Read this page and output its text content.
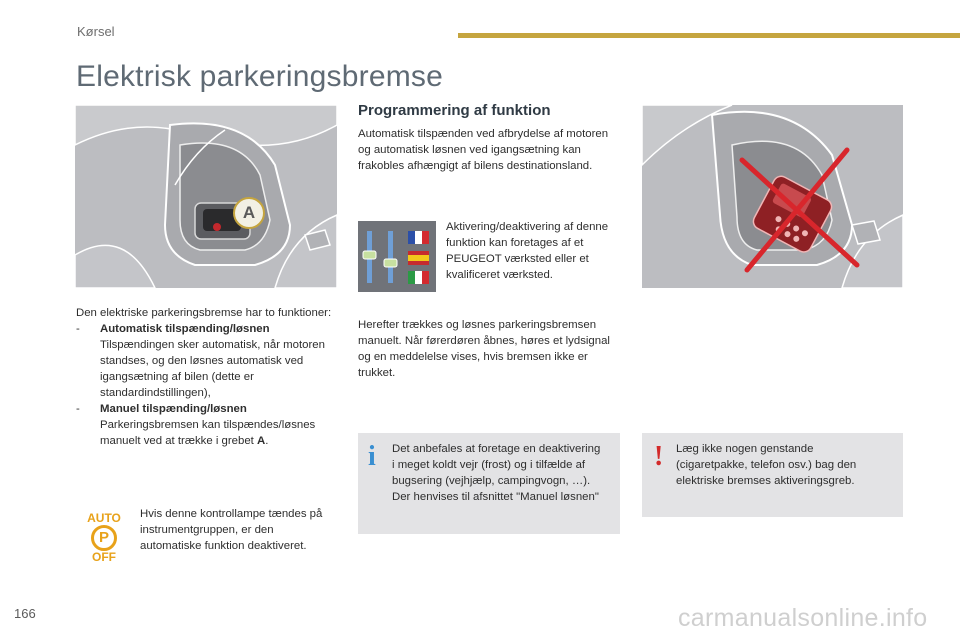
Kørsel
Elektrisk parkeringsbremse
A

Den elektriske parkeringsbremse har to funktioner:

- Automatisk tilspænding/løsnen
Tilspændingen sker automatisk, når motoren standses, og den løsnes automatisk ved igangsætning af bilen (dette er standardindstillingen),
- Manuel tilspænding/løsnen
Parkeringsbremsen kan tilspændes/løsnes manuelt ved at trække i grebet A.
AUTO
P
OFF
Hvis denne kontrollampe tændes på instrumentgruppen, er den automatiske funktion deaktiveret.
Programmering af funktion
Automatisk tilspænden ved afbrydelse af motoren og automatisk løsnen ved igangsætning kan frakobles afhængigt af bilens destinationsland.
Aktivering/deaktivering af denne funktion kan foretages af et PEUGEOT værksted eller et kvalificeret værksted.
Herefter trækkes og løsnes parkeringsbremsen manuelt. Når førerdøren åbnes, høres et lydsignal og en meddelelse vises, hvis bremsen ikke er trukket.
i Det anbefales at foretage en deaktivering i meget koldt vejr (frost) og i tilfælde af bugsering (vejhjælp, campingvogn, …). Der henvises til afsnittet "Manuel løsnen"
! Læg ikke nogen genstande (cigaretpakke, telefon osv.) bag den elektriske bremses aktiveringsgreb.
166	carmanualsonline.info
